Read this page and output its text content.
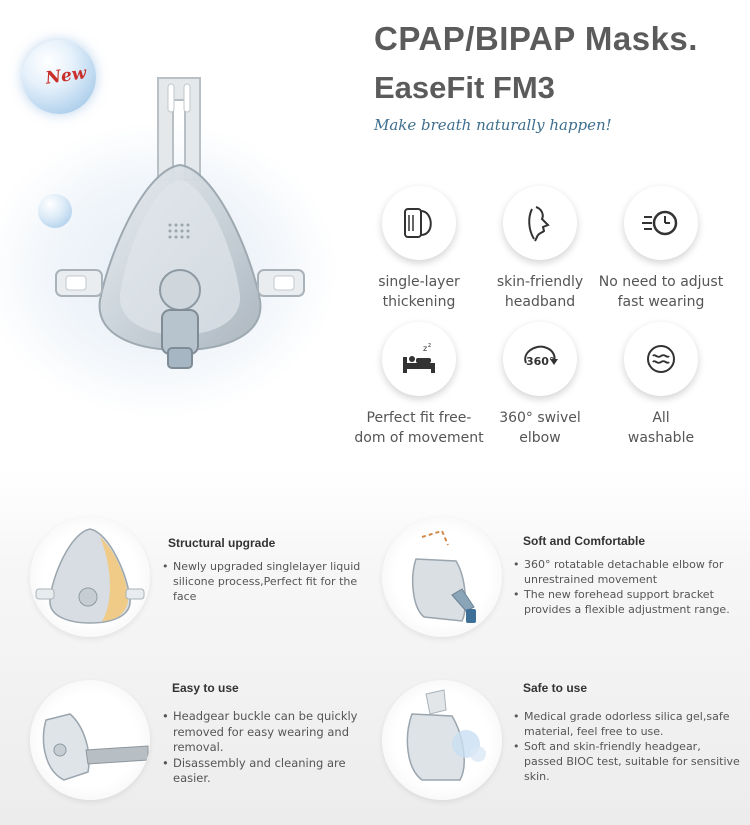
New
CPAP/BIPAP Masks.
EaseFit FM3
Make breath naturally happen!
single-layer
thickening
skin-friendly
headband
No need to adjust
fast wearing
z z
Perfect fit free-
dom of movement
360°
360° swivel
elbow
All
washable
Structural upgrade
• Newly upgraded singlelayer liquid silicone process,Perfect fit for the face
Soft and Comfortable
• 360° rotatable detachable elbow for unrestrained movement
• The new forehead support bracket provides a flexible adjustment range.
Easy to use
• Headgear buckle can be quickly removed for easy wearing and removal.
• Disassembly and cleaning are easier.
Safe to use
• Medical grade odorless silica gel,safe material, feel free to use.
• Soft and skin-friendly headgear, passed BIOC test, suitable for sensitive skin.
